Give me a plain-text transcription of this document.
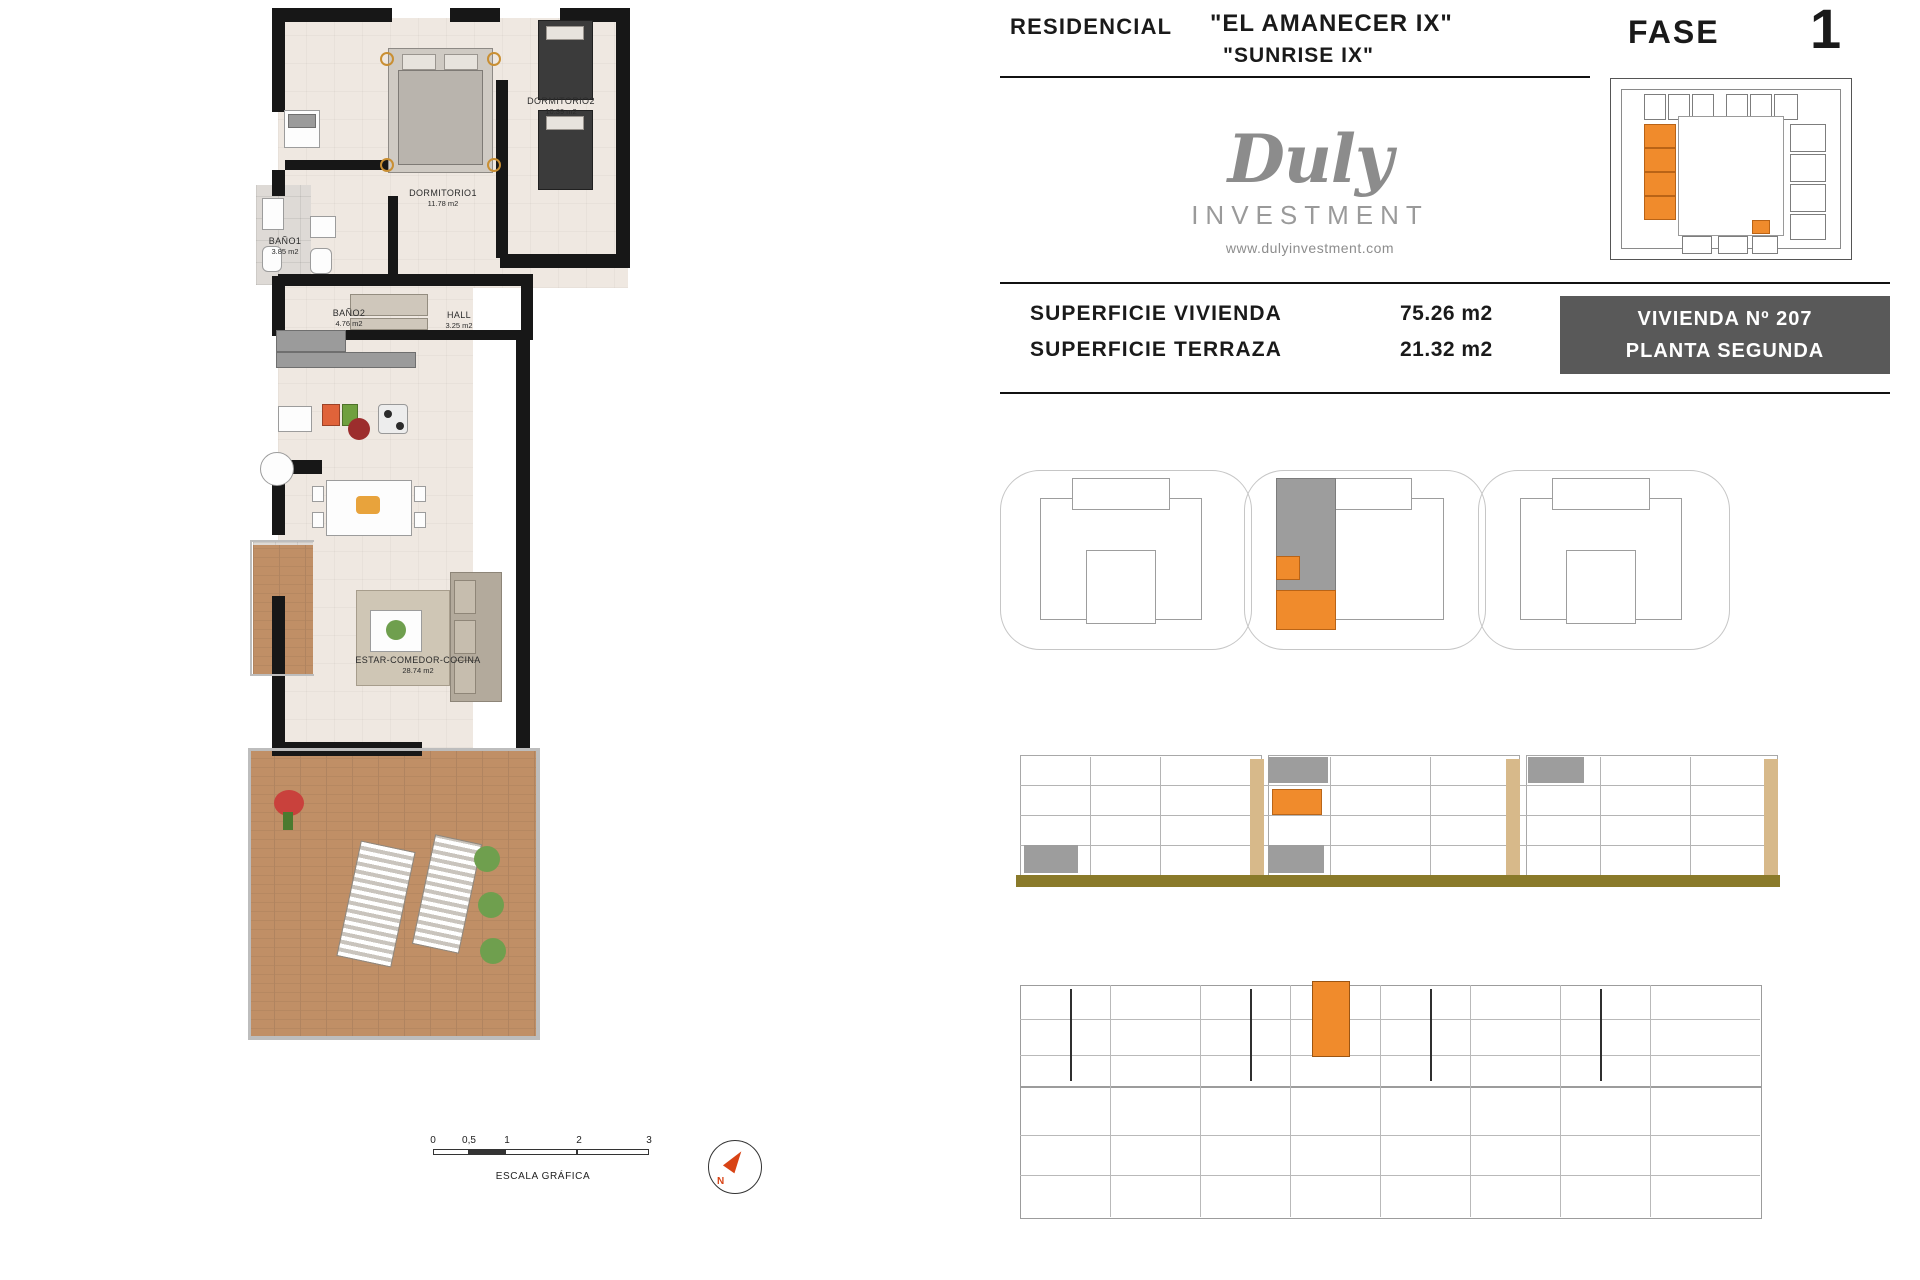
DORMITORIO1
11.78 m2
DORMITORIO2
10.39 m2
BAÑO1
3.85 m2
BAÑO2
4.76 m2
HALL
3.25 m2
ESTAR-COMEDOR-COCINA
28.74 m2
0	0,5	1	2	3
ESCALA GRÁFICA	N
RESIDENCIAL "EL AMANECER IX"
"SUNRISE IX"
FASE 1
Duly
INVESTMENT
www.dulyinvestment.com
SUPERFICIE VIVIENDA	75.26 m2
SUPERFICIE TERRAZA	21.32 m2
VIVIENDA Nº 207
PLANTA SEGUNDA
